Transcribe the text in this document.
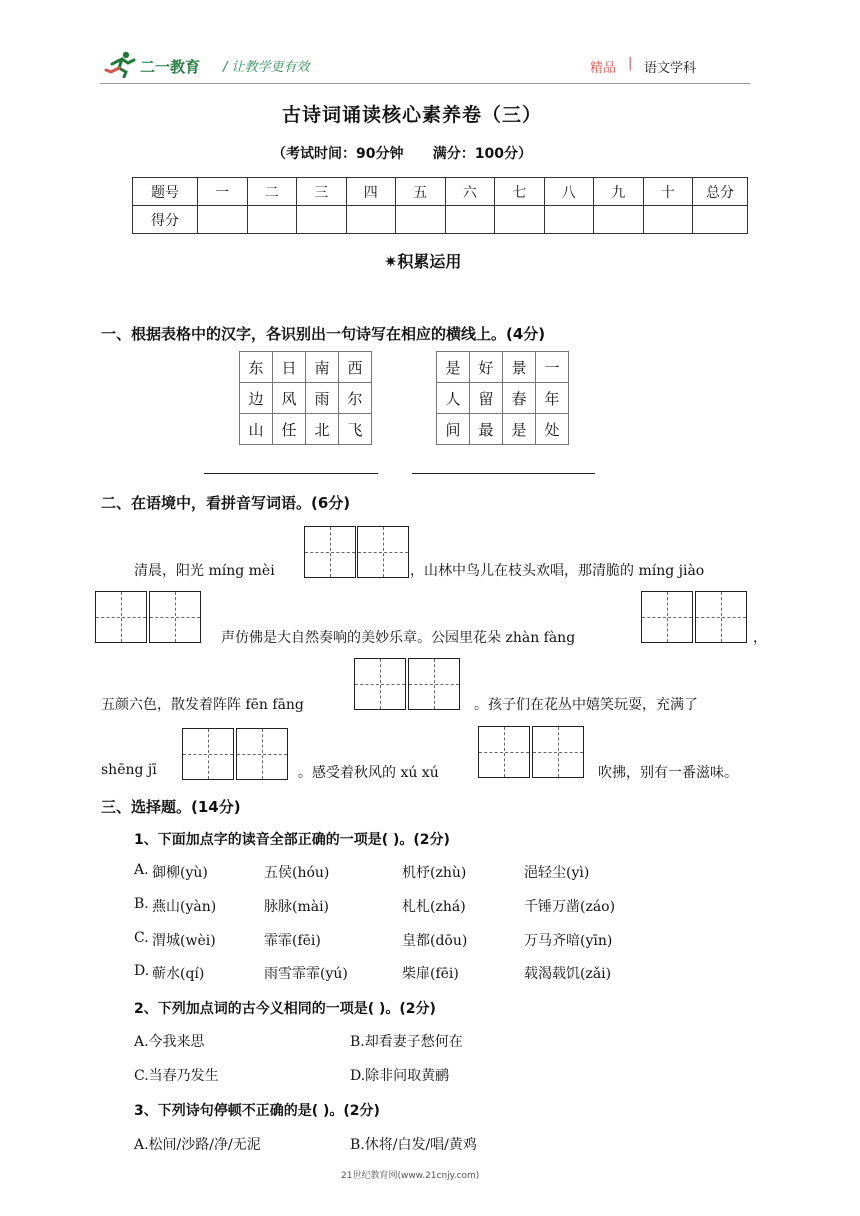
二一教育 / 让教学更有效	精品 | 语文学科
古诗词诵读核心素养卷（三）
（考试时间：90分钟      满分：100分）
题号	一	二	三	四	五	六	七	八	九	十	总分
得分											
✷积累运用
一、根据表格中的汉字，各识别出一句诗写在相应的横线上。(4分)
东	日	南	西
边	风	雨	尔
山	任	北	飞
是	好	景	一
人	留	春	年
间	最	是	处
二、在语境中，看拼音写词语。(6分)
清晨，阳光 míng mèi	，山林中鸟儿在枝头欢唱，那清脆的 míng jiào
声仿佛是大自然奏响的美妙乐章。公园里花朵 zhàn fàng	，
五颜六色，散发着阵阵 fēn fāng	。孩子们在花丛中嬉笑玩耍，充满了
shēng jī	。感受着秋风的 xú xú	吹拂，别有一番滋味。
三、选择题。(14分)
1、下面加点字的读音全部正确的一项是( )。(2分)
A. 御柳(yù)	五侯(hóu)	机杼(zhù)	浥轻尘(yì)
B. 燕山(yàn)	脉脉(mài)	札札(zhá)	千锤万凿(záo)
C. 渭城(wèi)	霏霏(fēi)	皇都(dōu)	万马齐喑(yīn)
D. 蕲水(qí)	雨雪霏霏(yú)	柴扉(fēi)	载渴载饥(zǎi)
2、下列加点词的古今义相同的一项是( )。(2分)
A.今我来思	B.却看妻子愁何在
C.当春乃发生	D.除非问取黄鹂
3、下列诗句停顿不正确的是( )。(2分)
A.松间/沙路/净/无泥	B.休将/白发/唱/黄鸡
21世纪教育网(www.21cnjy.com)
